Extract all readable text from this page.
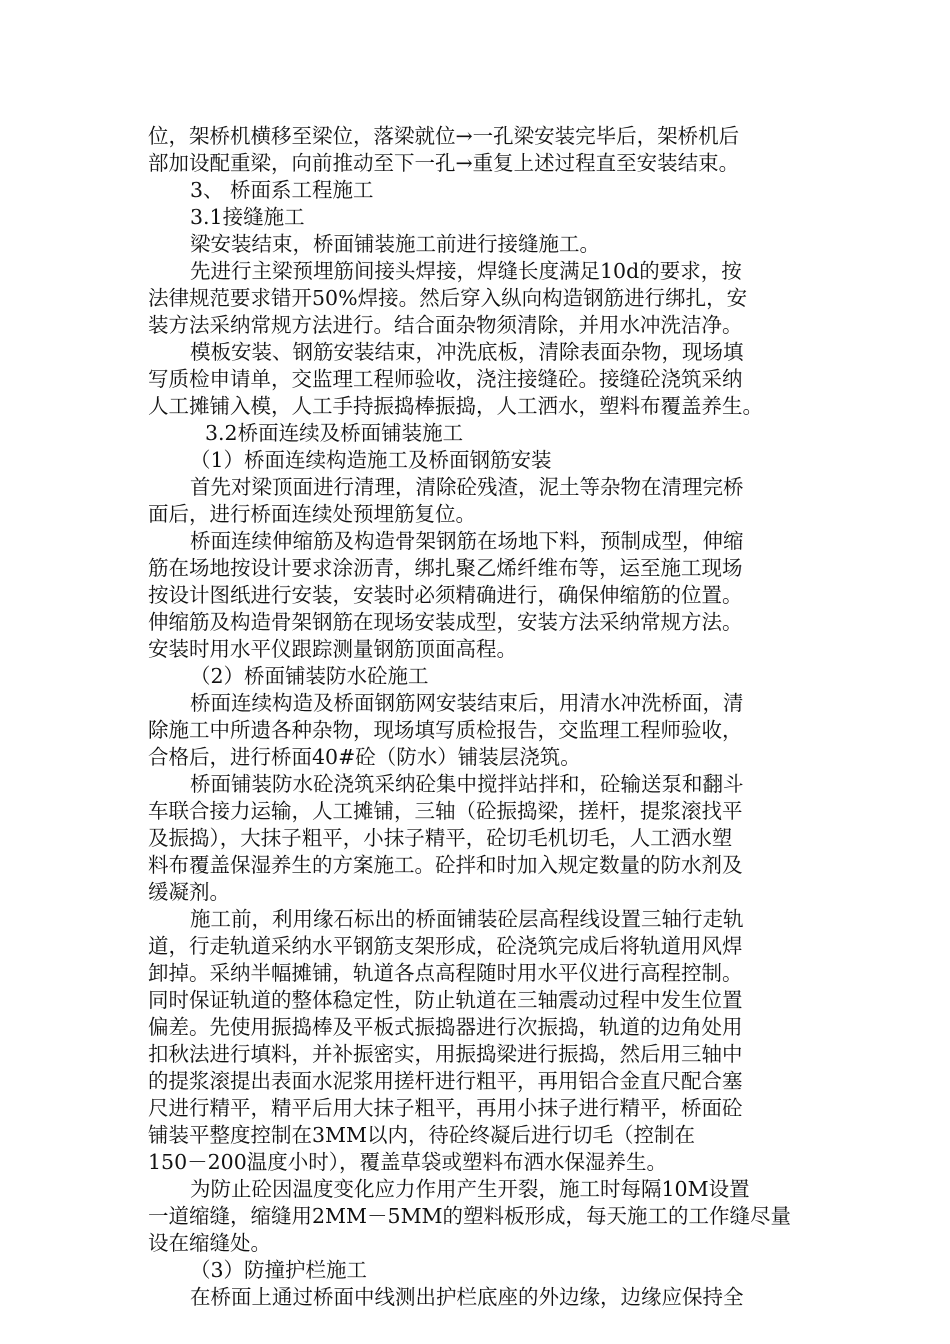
位，架桥机横移至梁位，落梁就位→一孔梁安装完毕后，架桥机后
部加设配重梁，向前推动至下一孔→重复上述过程直至安装结束。
3、 桥面系工程施工
3.1接缝施工
梁安装结束，桥面铺装施工前进行接缝施工。
先进行主梁预埋筋间接头焊接，焊缝长度满足10d的要求，按
法律规范要求错开50%焊接。然后穿入纵向构造钢筋进行绑扎，安
装方法采纳常规方法进行。结合面杂物须清除，并用水冲洗洁净。
模板安装、钢筋安装结束，冲洗底板，清除表面杂物，现场填
写质检申请单，交监理工程师验收，浇注接缝砼。接缝砼浇筑采纳
人工摊铺入模，人工手持振捣棒振捣，人工洒水，塑料布覆盖养生。
3.2桥面连续及桥面铺装施工
（1）桥面连续构造施工及桥面钢筋安装
首先对梁顶面进行清理，清除砼残渣，泥土等杂物在清理完桥
面后，进行桥面连续处预埋筋复位。
桥面连续伸缩筋及构造骨架钢筋在场地下料，预制成型，伸缩
筋在场地按设计要求涂沥青，绑扎聚乙烯纤维布等，运至施工现场
按设计图纸进行安装，安装时必须精确进行，确保伸缩筋的位置。
伸缩筋及构造骨架钢筋在现场安装成型，安装方法采纳常规方法。
安装时用水平仪跟踪测量钢筋顶面高程。
（2）桥面铺装防水砼施工
桥面连续构造及桥面钢筋网安装结束后，用清水冲洗桥面，清
除施工中所遗各种杂物，现场填写质检报告，交监理工程师验收，
合格后，进行桥面40#砼（防水）铺装层浇筑。
桥面铺装防水砼浇筑采纳砼集中搅拌站拌和，砼输送泵和翻斗
车联合接力运输，人工摊铺，三轴（砼振捣梁，搓杆，提浆滚找平
及振捣），大抹子粗平，小抹子精平，砼切毛机切毛，人工洒水塑
料布覆盖保湿养生的方案施工。砼拌和时加入规定数量的防水剂及
缓凝剂。
施工前，利用缘石标出的桥面铺装砼层高程线设置三轴行走轨
道，行走轨道采纳水平钢筋支架形成，砼浇筑完成后将轨道用风焊
卸掉。采纳半幅摊铺，轨道各点高程随时用水平仪进行高程控制。
同时保证轨道的整体稳定性，防止轨道在三轴震动过程中发生位置
偏差。先使用振捣棒及平板式振捣器进行次振捣，轨道的边角处用
扣秋法进行填料，并补振密实，用振捣梁进行振捣，然后用三轴中
的提浆滚提出表面水泥浆用搓杆进行粗平，再用铝合金直尺配合塞
尺进行精平，精平后用大抹子粗平，再用小抹子进行精平，桥面砼
铺装平整度控制在3MM以内，待砼终凝后进行切毛（控制在
150－200温度小时），覆盖草袋或塑料布洒水保湿养生。
为防止砼因温度变化应力作用产生开裂，施工时每隔10M设置
一道缩缝，缩缝用2MM－5MM的塑料板形成，每天施工的工作缝尽量
设在缩缝处。
（3）防撞护栏施工
在桥面上通过桥面中线测出护栏底座的外边缘，边缘应保持全
